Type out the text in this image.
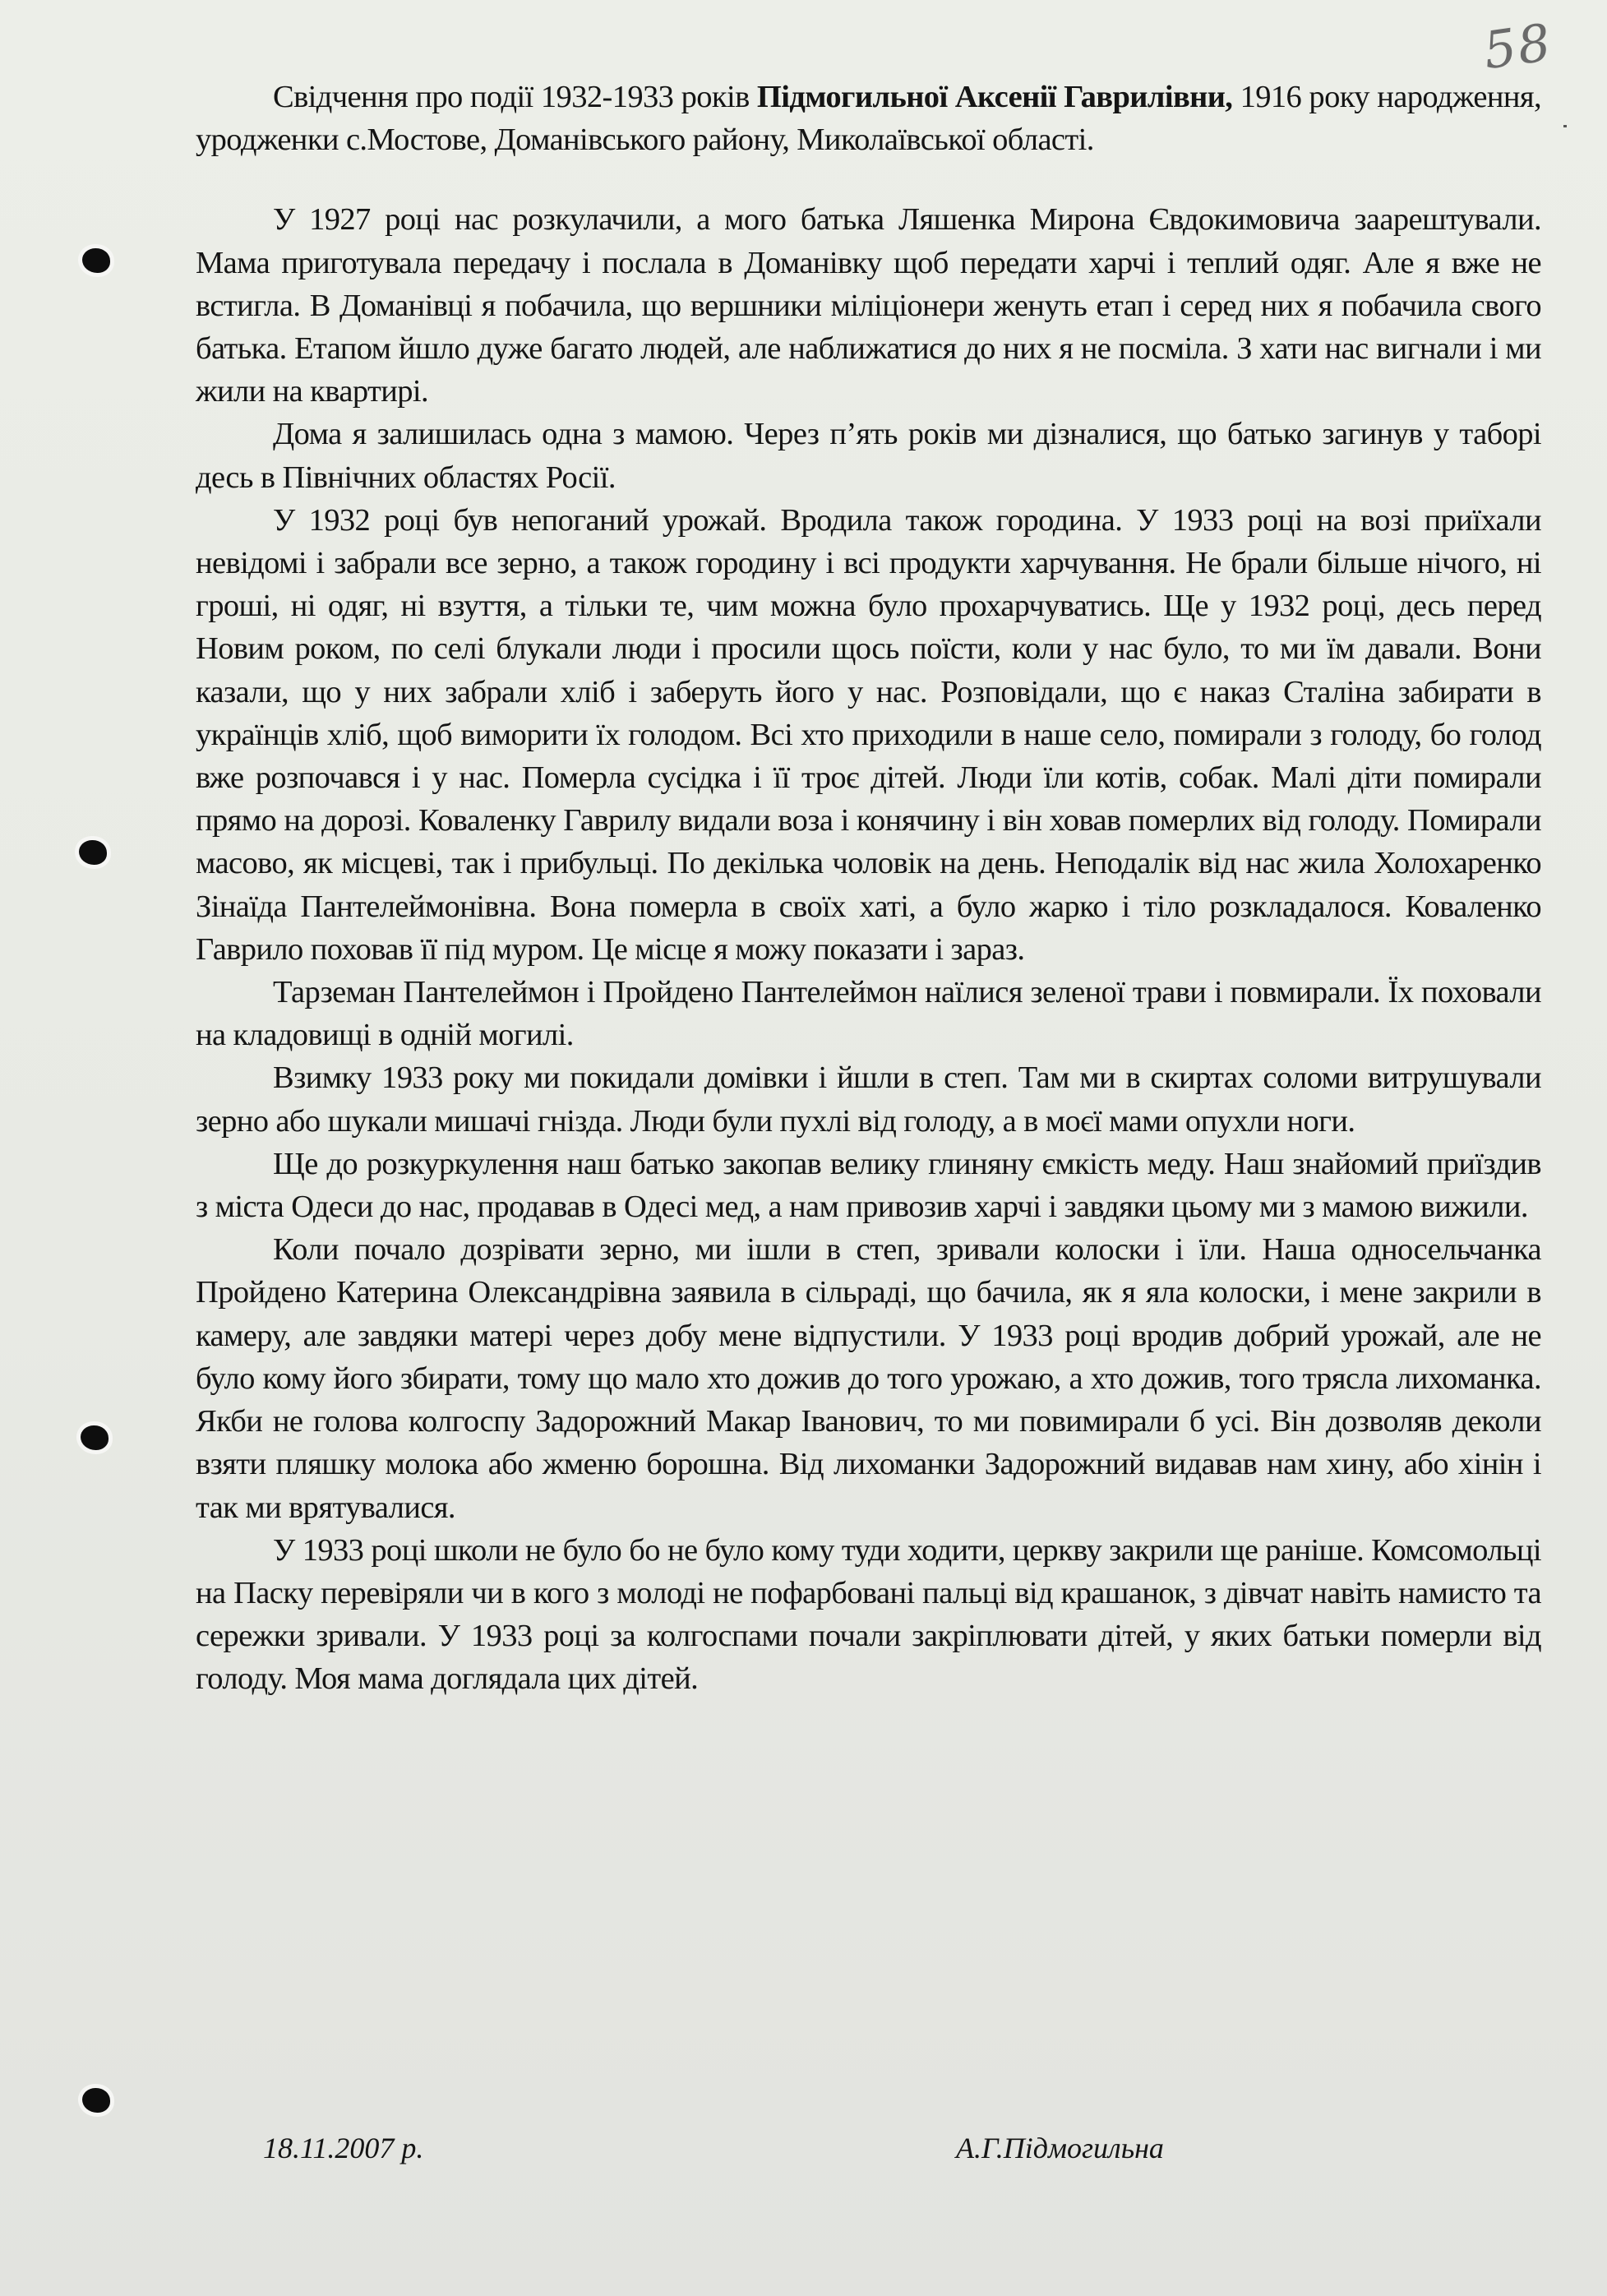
58

Свідчення про події 1932-1933 років Підмогильної Аксенії Гаврилівни, 1916 року народження, уродженки с.Мостове, Доманівського району, Миколаївської області.

У 1927 році нас розкулачили, а мого батька Ляшенка Мирона Євдокимовича заарештували. Мама приготувала передачу і послала в Доманівку щоб передати харчі і теплий одяг. Але я вже не встигла. В Доманівці я побачила, що вершники міліціонери женуть етап і серед них я побачила свого батька. Етапом йшло дуже багато людей, але наближатися до них я не посміла. З хати нас вигнали і ми жили на квартирі.

Дома я залишилась одна з мамою. Через п’ять років ми дізналися, що батько загинув у таборі десь в Північних областях Росії.

У 1932 році був непоганий урожай. Вродила також городина. У 1933 році на возі приїхали невідомі і забрали все зерно, а також городину і всі продукти харчування. Не брали більше нічого, ні гроші, ні одяг, ні взуття, а тільки те, чим можна було прохарчуватись. Ще у 1932 році, десь перед Новим роком, по селі блукали люди і просили щось поїсти, коли у нас було, то ми їм давали. Вони казали, що у них забрали хліб і заберуть його у нас. Розповідали, що є наказ Сталіна забирати в українців хліб, щоб виморити їх голодом. Всі хто приходили в наше село, помирали з голоду, бо голод вже розпочався і у нас. Померла сусідка і її троє дітей. Люди їли котів, собак. Малі діти помирали прямо на дорозі. Коваленку Гаврилу видали воза і конячину і він ховав померлих від голоду. Помирали масово, як місцеві, так і прибульці. По декілька чоловік на день. Неподалік від нас жила Холохаренко Зінаїда Пантелеймонівна. Вона померла в своїх хаті, а було жарко і тіло розкладалося. Коваленко Гаврило поховав її під муром. Це місце я можу показати і зараз.

Тарземан Пантелеймон і Пройдено Пантелеймон наїлися зеленої трави і повмирали. Їх поховали на кладовищі в одній могилі.

Взимку 1933 року ми покидали домівки і йшли в степ. Там ми в скиртах соломи витрушували зерно або шукали мишачі гнізда. Люди були пухлі від голоду, а в моєї мами опухли ноги.

Ще до розкуркулення наш батько закопав велику глиняну ємкість меду. Наш знайомий приїздив з міста Одеси до нас, продавав в Одесі мед, а нам привозив харчі і завдяки цьому ми з мамою вижили.

Коли почало дозрівати зерно, ми ішли в степ, зривали колоски і їли. Наша односельчанка Пройдено Катерина Олександрівна заявила в сільраді, що бачила, як я яла колоски, і мене закрили в камеру, але завдяки матері через добу мене відпустили. У 1933 році вродив добрий урожай, але не було кому його збирати, тому що мало хто дожив до того урожаю, а хто дожив, того трясла лихоманка. Якби не голова колгоспу Задорожний Макар Іванович, то ми повимирали б усі. Він дозволяв деколи взяти пляшку молока або жменю борошна. Від лихоманки Задорожний видавав нам хину, або хінін і так ми врятувалися.

У 1933 році школи не було бо не було кому туди ходити, церкву закрили ще раніше. Комсомольці на Паску перевіряли чи в кого з молоді не пофарбовані пальці від крашанок, з дівчат навіть намисто та сережки зривали. У 1933 році за колгоспами почали закріплювати дітей, у яких батьки померли від голоду. Моя мама доглядала цих дітей.

18.11.2007 р.	А.Г.Підмогильна
